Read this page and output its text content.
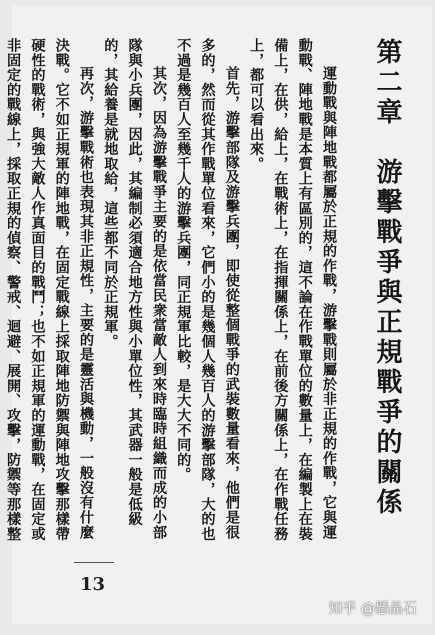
第二章　游擊戰爭與正規戰爭的關係

運動戰與陣地戰都屬於正規的作戰，游擊戰則屬於非正規的作戰，它與運動戰、陣地戰是本質上有區別的，這不論在作戰單位的數量上，在編製上在裝備上，在供，給上，在戰術上，在指揮關係上，在前後方關係上，在作戰任務上，都可以看出來。

首先，游擊部隊及游擊兵團，即使從整個戰爭的武裝數量看來，他們是很多的，然而從其作戰單位看來，它們小的是幾個人幾百人的游擊部隊，大的也不過是幾百人至幾千人的游擊兵團，同正規軍比較，是大大不同的。

其次，因為游擊戰爭主要的是依當民衆當敵人到來時臨時組織而成的小部隊與小兵團，因此，其編制必須適合地方性與小單位性，其武器一般是低級的，其給養是就地取給，這些都不同於正規軍。

再次，游擊戰術也表現其非正規性，主要的是靈活與機動，一般沒有什麼決戰。它不如正規軍的陣地戰，在固定戰線上採取陣地防禦與陣地攻擊那樣帶硬性的戰術，與強大敵人作真面目的戰鬥；也不如正規軍的運動戰，在固定或非固定的戰線上，採取正規的偵察、警戒、迴避、展開、攻擊，防禦等那樣整

13
知乎 @懸晶石
